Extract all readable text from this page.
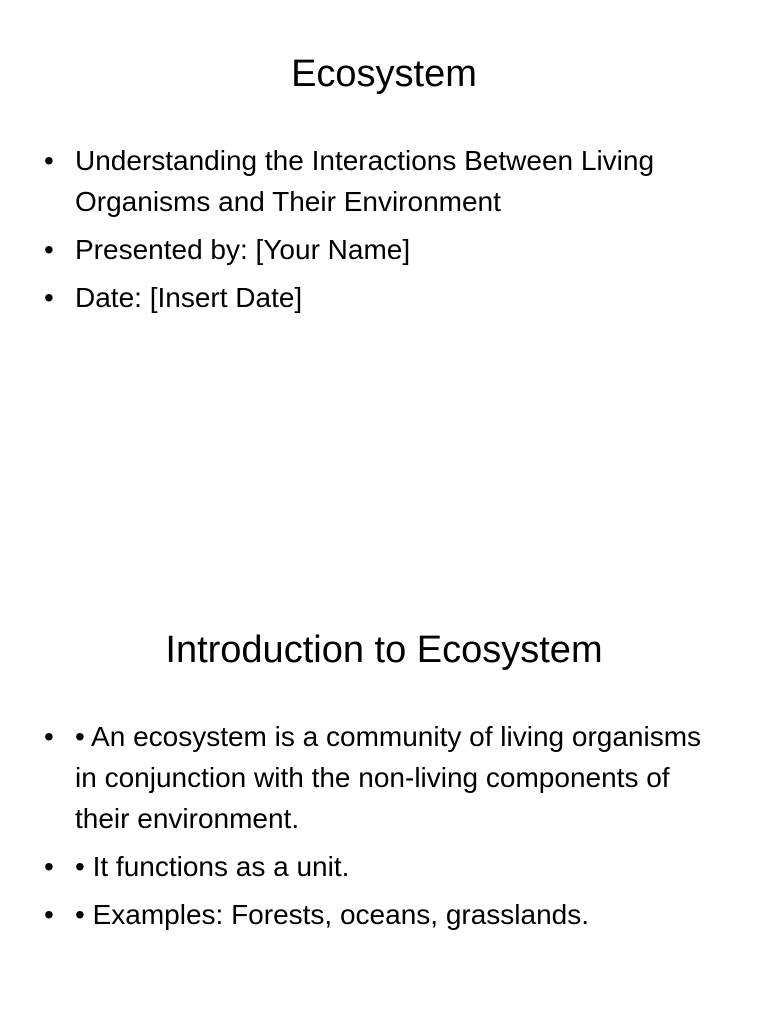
Ecosystem
• Understanding the Interactions Between Living Organisms and Their Environment
• Presented by: [Your Name]
• Date: [Insert Date]
Introduction to Ecosystem
• • An ecosystem is a community of living organisms in conjunction with the non-living components of their environment.
• • It functions as a unit.
• • Examples: Forests, oceans, grasslands.
